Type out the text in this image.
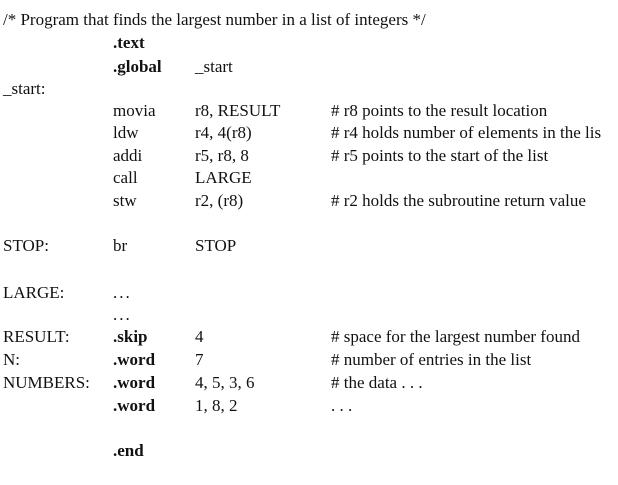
/* Program that finds the largest number in a list of integers */
.text
.global _start
_start:
movia r8, RESULT	# r8 points to the result location
ldw	r4, 4(r8)	# r4 holds number of elements in the lis
addi	r5, r8, 8	# r5 points to the start of the list
call	LARGE
stw	r2, (r8)	# r2 holds the subroutine return value
STOP:	br	STOP
LARGE:	...
...
RESULT:	.skip	4	# space for the largest number found
N:	.word 7	# number of entries in the list
NUMBERS: .word 4, 5, 3, 6	# the data . . .
.word 1, 8, 2	. . .
.end
